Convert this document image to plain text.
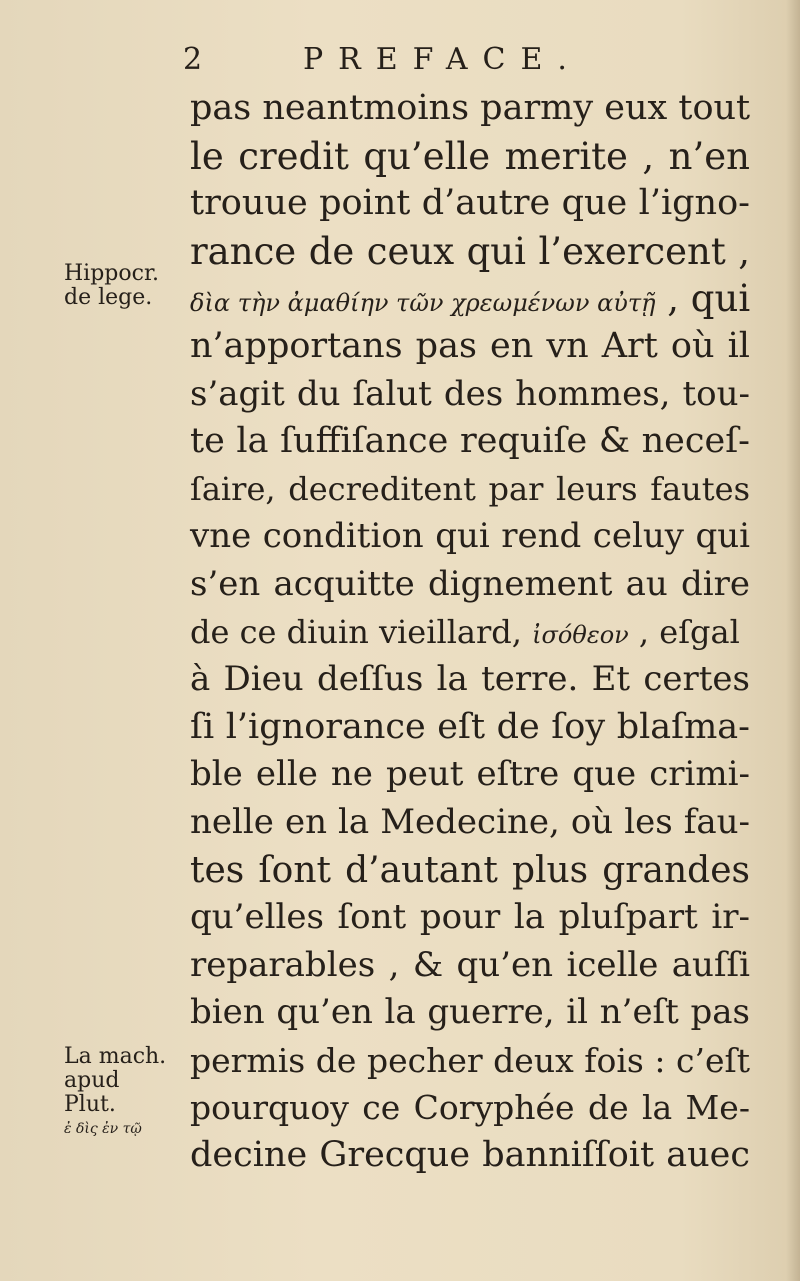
2	PREFACE.
Hippocr.
de lege.
La mach.
apud
Plut.
ἐ δὶς ἐν τῷ
pas neantmoins parmy eux tout
le credit qu’elle merite , n’en
trouue point d’autre que l’igno-
rance de ceux qui l’exercent ,
δὶα τὴν ἀμαθίην τῶν χρεωμένων αὐτῇ , qui
n’apportans pas en vn Art où il
s’agit du ſalut des hommes, tou-
te la ſuffiſance requiſe & neceſ-
ſaire, decreditent par leurs fautes
vne condition qui rend celuy qui
s’en acquitte dignement au dire
de ce diuin vieillard, ἰσόθεον , eſgal
à Dieu deſſus la terre. Et certes
ſi l’ignorance eſt de ſoy blaſma-
ble elle ne peut eſtre que crimi-
nelle en la Medecine, où les fau-
tes ſont d’autant plus grandes
qu’elles ſont pour la pluſpart ir-
reparables , & qu’en icelle auſſi
bien qu’en la guerre, il n’eſt pas
permis de pecher deux fois : c’eſt
pourquoy ce Coryphée de la Me-
decine Grecque banniſſoit auec
